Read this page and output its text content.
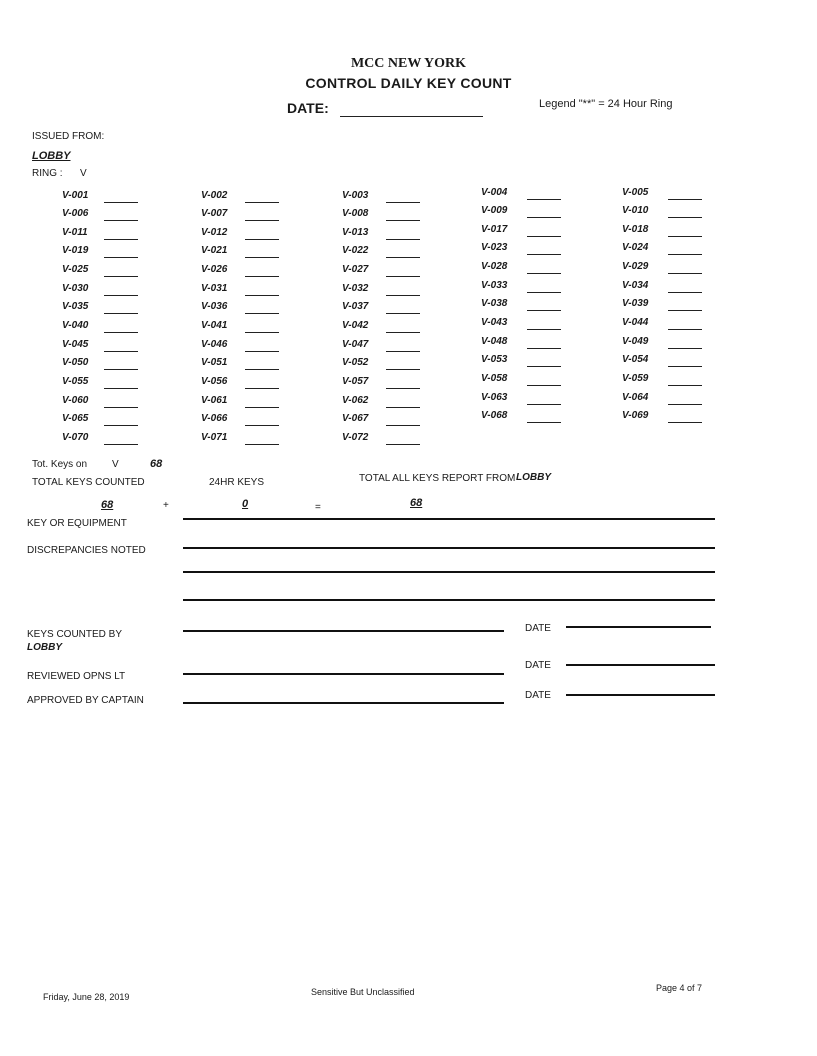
MCC NEW YORK
CONTROL DAILY KEY COUNT
DATE:	Legend "**" = 24 Hour Ring
ISSUED FROM:
LOBBY
RING : V
V-001	V-002	V-003	V-004	V-005
V-006	V-007	V-008	V-009	V-010
V-011	V-012	V-013	V-017	V-018
V-019	V-021	V-022	V-023	V-024
V-025	V-026	V-027	V-028	V-029
V-030	V-031	V-032	V-033	V-034
V-035	V-036	V-037	V-038	V-039
V-040	V-041	V-042	V-043	V-044
V-045	V-046	V-047	V-048	V-049
V-050	V-051	V-052	V-053	V-054
V-055	V-056	V-057	V-058	V-059
V-060	V-061	V-062	V-063	V-064
V-065	V-066	V-067	V-068	V-069
V-070	V-071	V-072
Tot. Keys on V	68
TOTAL KEYS COUNTED	24HR KEYS	TOTAL ALL KEYS REPORT FROM LOBBY
68	+	0	=	68
KEY OR EQUIPMENT
DISCREPANCIES NOTED
KEYS COUNTED BY
LOBBY
DATE
REVIEWED OPNS LT
DATE
APPROVED BY CAPTAIN	DATE
Friday, June 28, 2019	Sensitive But Unclassified	Page 4 of 7
